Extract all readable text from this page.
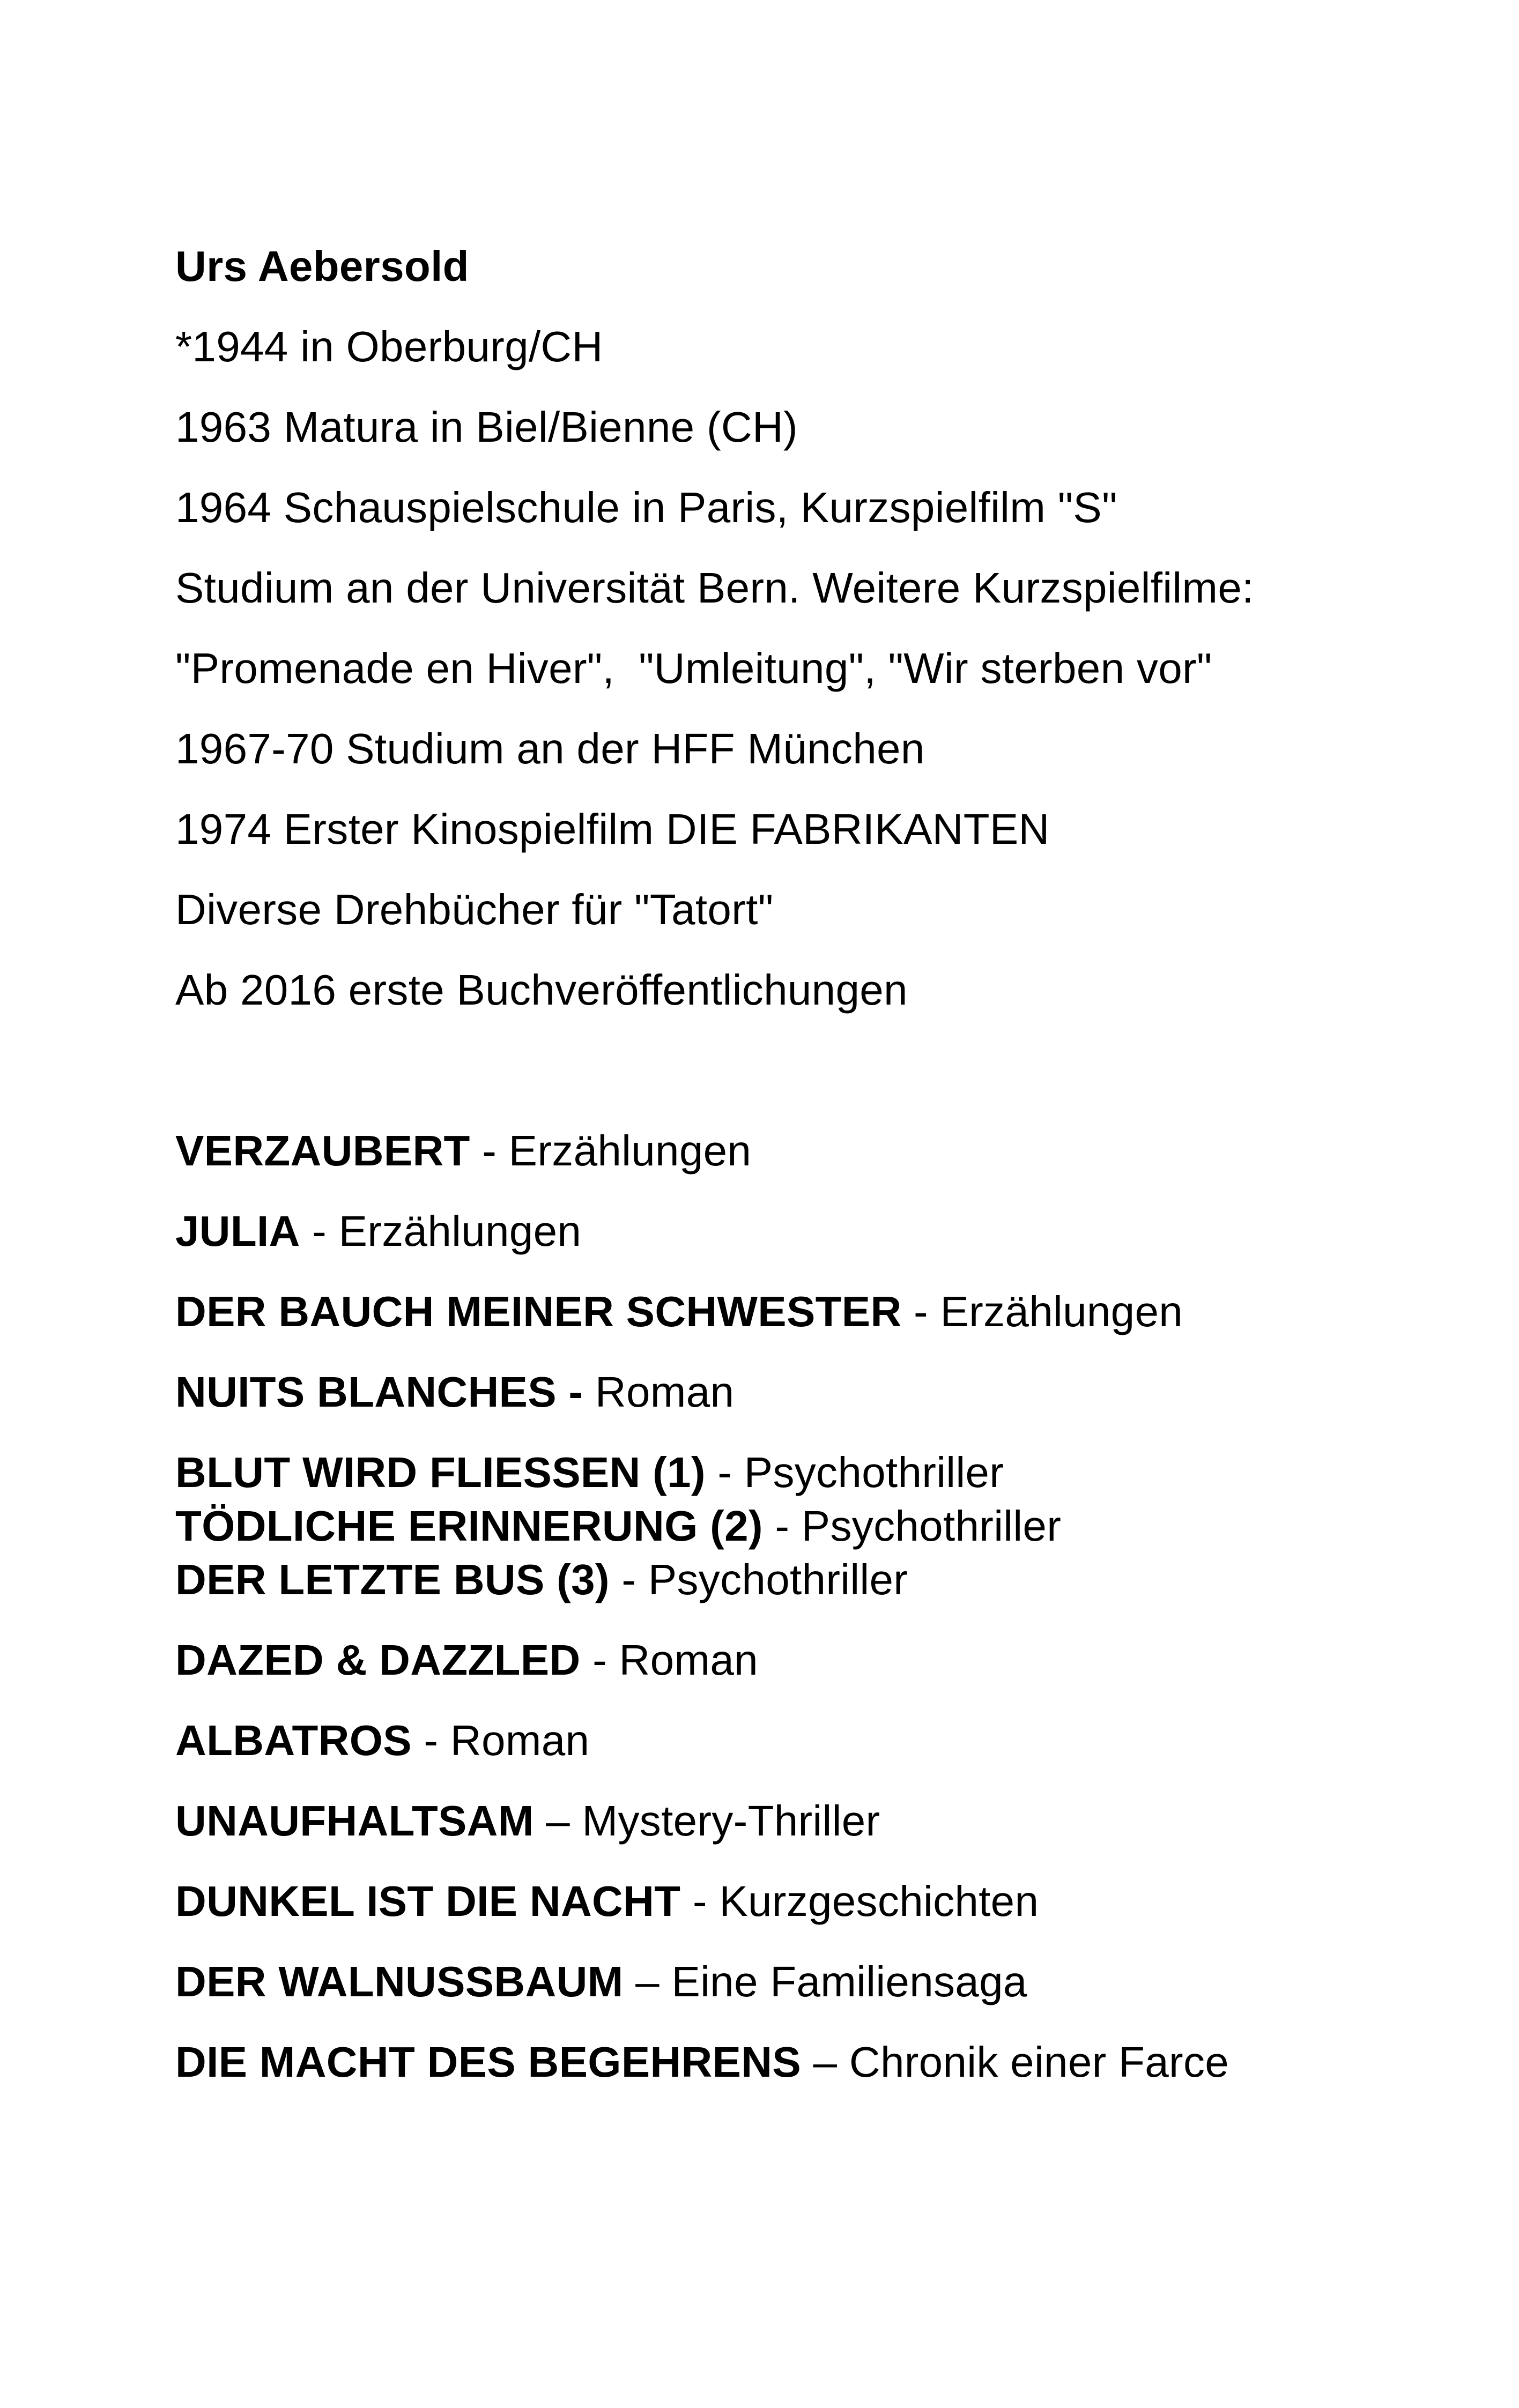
Urs Aebersold
*1944 in Oberburg/CH
1963 Matura in Biel/Bienne (CH)
1964 Schauspielschule in Paris, Kurzspielfilm "S"
Studium an der Universität Bern. Weitere Kurzspielfilme:
"Promenade en Hiver",  "Umleitung", "Wir sterben vor"
1967-70 Studium an der HFF München
1974 Erster Kinospielfilm DIE FABRIKANTEN
Diverse Drehbücher für "Tatort"
Ab 2016 erste Buchveröffentlichungen
VERZAUBERT - Erzählungen
JULIA - Erzählungen
DER BAUCH MEINER SCHWESTER - Erzählungen
NUITS BLANCHES - Roman
BLUT WIRD FLIESSEN (1) - Psychothriller
TÖDLICHE ERINNERUNG (2) - Psychothriller
DER LETZTE BUS (3) - Psychothriller
DAZED & DAZZLED - Roman
ALBATROS - Roman
UNAUFHALTSAM – Mystery-Thriller
DUNKEL IST DIE NACHT - Kurzgeschichten
DER WALNUSSBAUM – Eine Familiensaga
DIE MACHT DES BEGEHRENS – Chronik einer Farce
